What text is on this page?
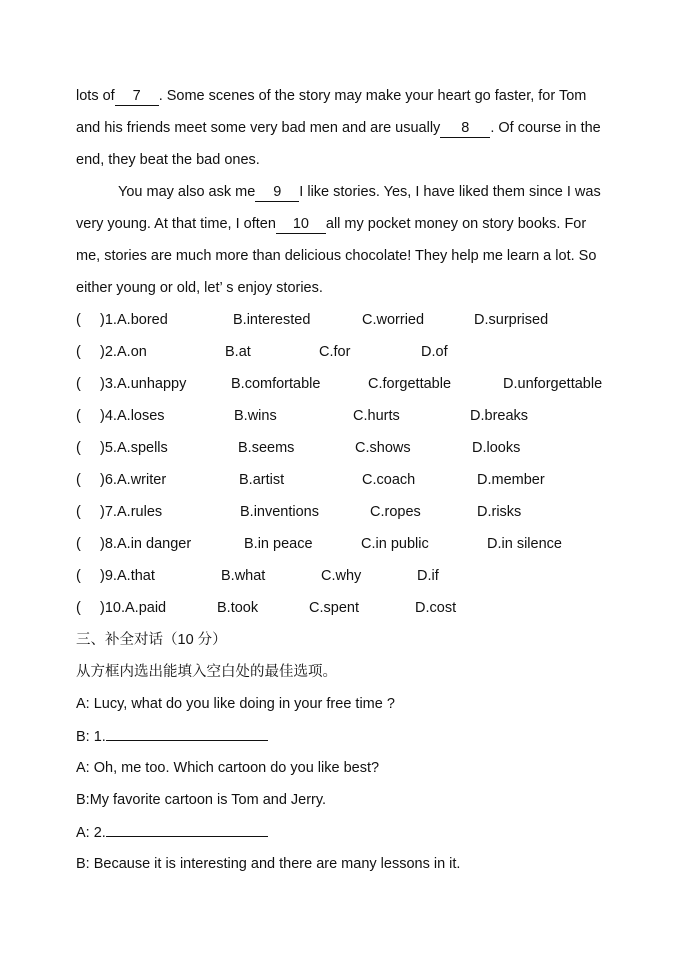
lots of 7 . Some scenes of the story may make your heart go faster, for Tom
and his friends meet some very bad men and are usually 8 . Of course in the
end, they beat the bad ones.
You may also ask me 9 I like stories. Yes, I have liked them since I was
very young. At that time, I often 10 all my pocket money on story books. For
me, stories are much more than delicious chocolate! They help me learn a lot. So
either young or old, let’ s enjoy stories.
( )1. A.bored	B.interested	C.worried	D.surprised
( )2. A.on	B.at	C.for	D.of
( )3. A.unhappy	B.comfortable	C.forgettable	D.unforgettable
( )4. A.loses	B.wins	C.hurts	D.breaks
( )5. A.spells	B.seems	C.shows	D.looks
( )6. A.writer	B.artist	C.coach	D.member
( )7. A.rules	B.inventions	C.ropes	D.risks
( )8. A.in danger	B.in peace	C.in public	D.in silence
( )9. A.that	B.what	C.why	D.if
( )10. A.paid	B.took	C.spent	D.cost
三、补全对话（10 分）
从方框内选出能填入空白处的最佳选项。
A: Lucy, what do you like doing in your free time ?
B: 1.
A: Oh, me too. Which cartoon do you like best?
B:My favorite cartoon is Tom and Jerry.
A: 2.
B: Because it is interesting and there are many lessons in it.
